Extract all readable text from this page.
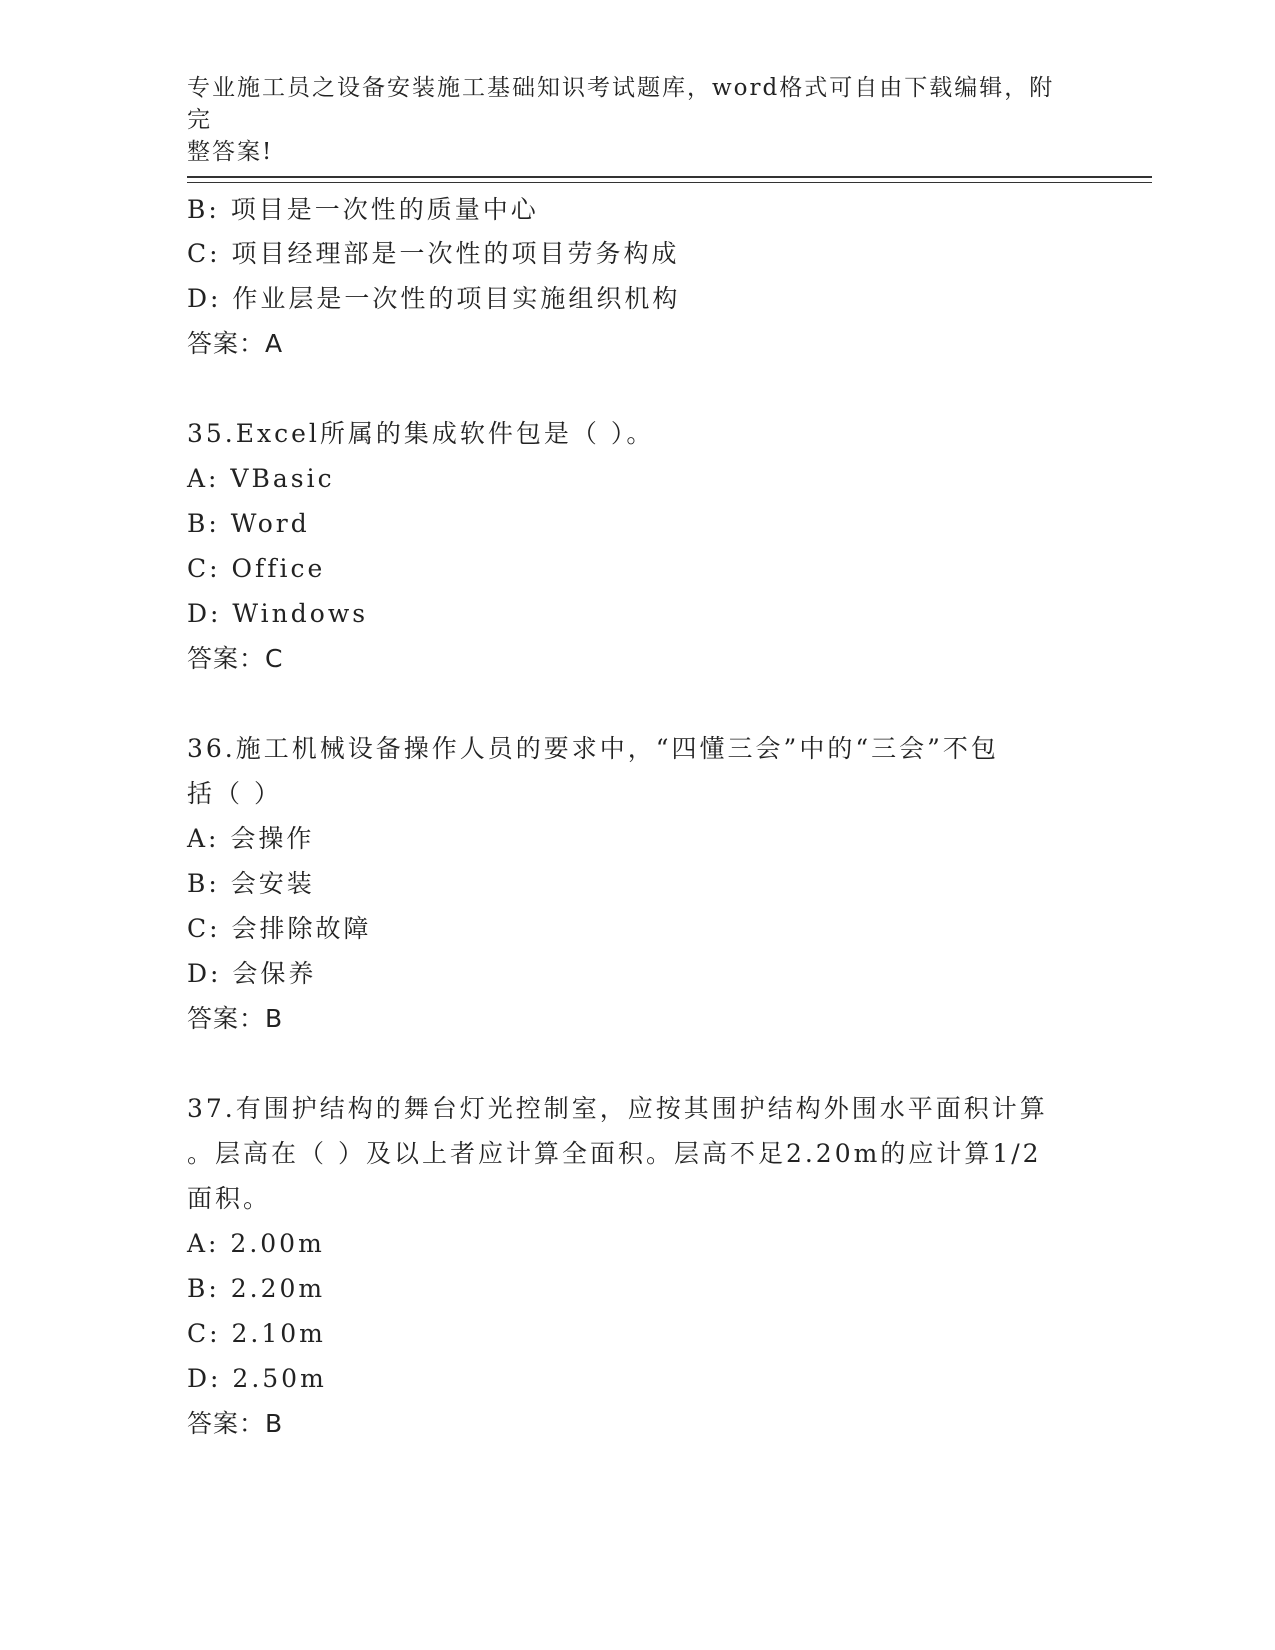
专业施工员之设备安装施工基础知识考试题库，word格式可自由下载编辑，附完
整答案!
B: 项目是一次性的质量中心
C: 项目经理部是一次性的项目劳务构成
D: 作业层是一次性的项目实施组织机构
答案：A
35.Excel所属的集成软件包是（ ）。
A: VBasic
B: Word
C: Office
D: Windows
答案：C
36.施工机械设备操作人员的要求中，“四懂三会”中的“三会”不包
括（ ）
A: 会操作
B: 会安装
C: 会排除故障
D: 会保养
答案：B
37.有围护结构的舞台灯光控制室，应按其围护结构外围水平面积计算
。层高在（ ）及以上者应计算全面积。层高不足2.20m的应计算1/2
面积。
A: 2.00m
B: 2.20m
C: 2.10m
D: 2.50m
答案：B
